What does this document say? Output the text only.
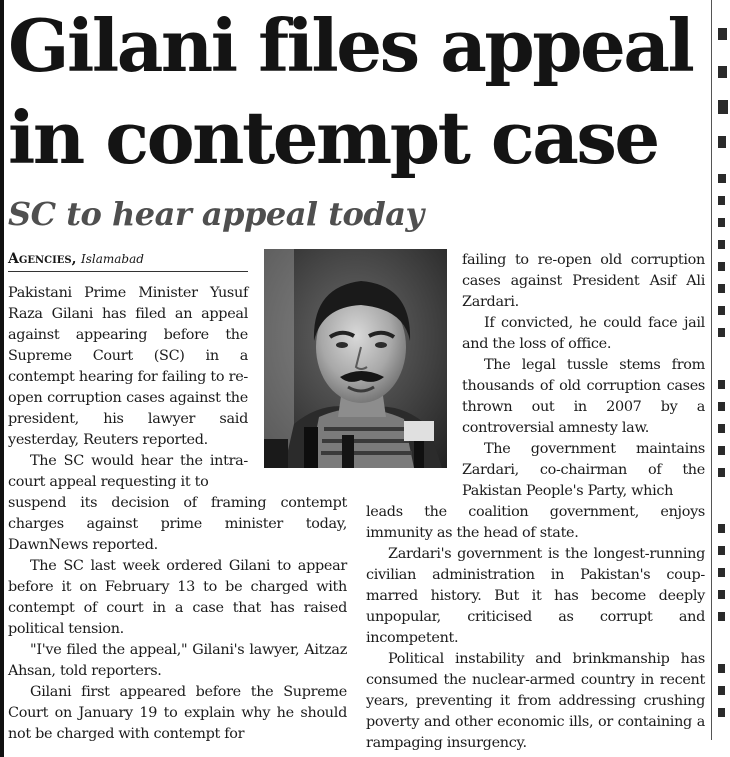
Gilani files appeal
in contempt case
SC to hear appeal today
Agencies, Islamabad

Pakistani Prime Minister Yusuf Raza Gilani has filed an appeal against appearing before the Supreme Court (SC) in a contempt hearing for failing to re-open corruption cases against the president, his lawyer said yesterday, Reuters reported.

The SC would hear the intra-court appeal requesting it to

suspend its decision of framing contempt charges against prime minister today, DawnNews reported.

The SC last week ordered Gilani to appear before it on February 13 to be charged with contempt of court in a case that has raised political tension.

"I've filed the appeal," Gilani's lawyer, Aitzaz Ahsan, told reporters.

Gilani first appeared before the Supreme Court on January 19 to explain why he should not be charged with contempt for

failing to re-open old corruption cases against President Asif Ali Zardari.

If convicted, he could face jail and the loss of office.

The legal tussle stems from thousands of old corruption cases thrown out in 2007 by a controversial amnesty law.

The government maintains Zardari, co-chairman of the Pakistan People's Party, which

leads the coalition government, enjoys immunity as the head of state.

Zardari's government is the longest-running civilian administration in Pakistan's coup-marred history. But it has become deeply unpopular, criticised as corrupt and incompetent.

Political instability and brinkmanship has consumed the nuclear-armed country in recent years, preventing it from addressing crushing poverty and other economic ills, or containing a rampaging insurgency.
